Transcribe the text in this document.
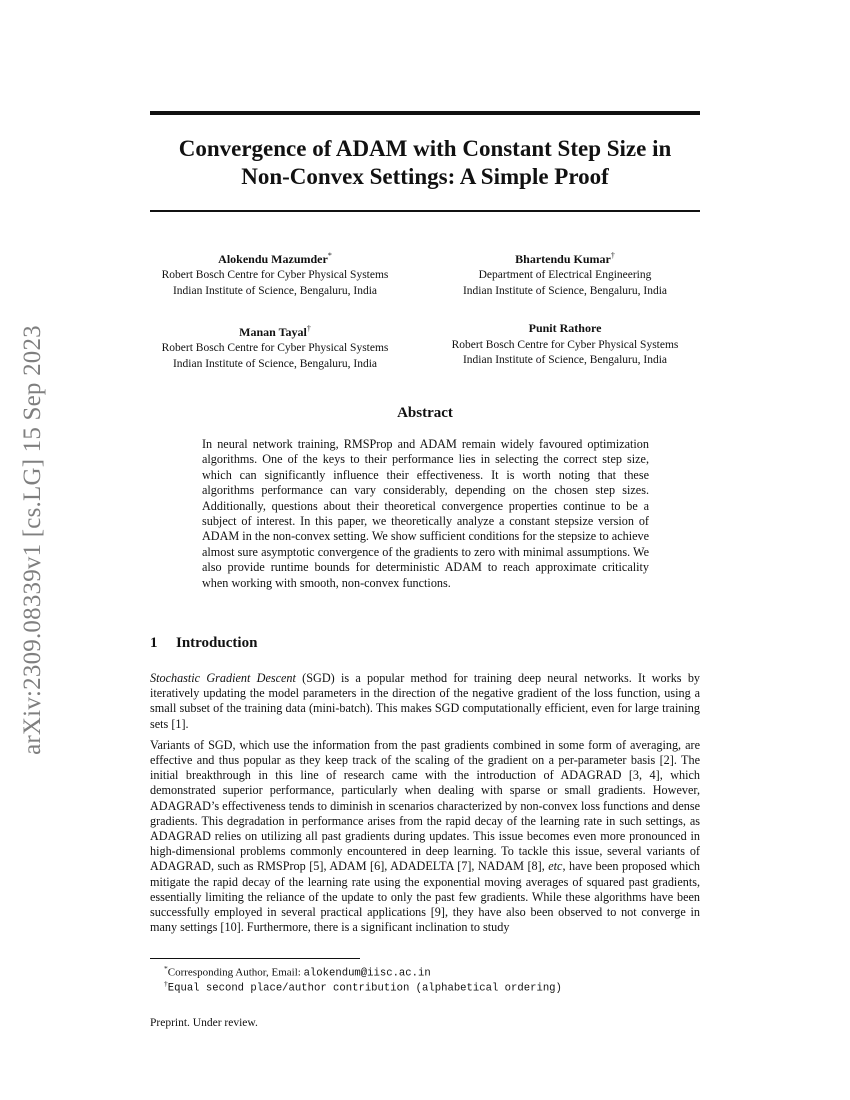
arXiv:2309.08339v1 [cs.LG] 15 Sep 2023
Convergence of ADAM with Constant Step Size in
Non-Convex Settings: A Simple Proof
Alokendu Mazumder*
Robert Bosch Centre for Cyber Physical Systems
Indian Institute of Science, Bengaluru, India
Bhartendu Kumar†
Department of Electrical Engineering
Indian Institute of Science, Bengaluru, India
Manan Tayal†
Robert Bosch Centre for Cyber Physical Systems
Indian Institute of Science, Bengaluru, India
Punit Rathore
Robert Bosch Centre for Cyber Physical Systems
Indian Institute of Science, Bengaluru, India
Abstract
In neural network training, RMSProp and ADAM remain widely favoured optimization algorithms. One of the keys to their performance lies in selecting the correct step size, which can significantly influence their effectiveness. It is worth noting that these algorithms performance can vary considerably, depending on the chosen step sizes. Additionally, questions about their theoretical convergence properties continue to be a subject of interest. In this paper, we theoretically analyze a constant stepsize version of ADAM in the non-convex setting. We show sufficient conditions for the stepsize to achieve almost sure asymptotic convergence of the gradients to zero with minimal assumptions. We also provide runtime bounds for deterministic ADAM to reach approximate criticality when working with smooth, non-convex functions.
1 Introduction

Stochastic Gradient Descent (SGD) is a popular method for training deep neural networks. It works by iteratively updating the model parameters in the direction of the negative gradient of the loss function, using a small subset of the training data (mini-batch). This makes SGD computationally efficient, even for large training sets [1].

Variants of SGD, which use the information from the past gradients combined in some form of averaging, are effective and thus popular as they keep track of the scaling of the gradient on a per-parameter basis [2]. The initial breakthrough in this line of research came with the introduction of ADAGRAD [3, 4], which demonstrated superior performance, particularly when dealing with sparse or small gradients. However, ADAGRAD’s effectiveness tends to diminish in scenarios characterized by non-convex loss functions and dense gradients. This degradation in performance arises from the rapid decay of the learning rate in such settings, as ADAGRAD relies on utilizing all past gradients during updates. This issue becomes even more pronounced in high-dimensional problems commonly encountered in deep learning. To tackle this issue, several variants of ADAGRAD, such as RMSProp [5], ADAM [6], ADADELTA [7], NADAM [8], etc, have been proposed which mitigate the rapid decay of the learning rate using the exponential moving averages of squared past gradients, essentially limiting the reliance of the update to only the past few gradients. While these algorithms have been successfully employed in several practical applications [9], they have also been observed to not converge in many settings [10]. Furthermore, there is a significant inclination to study

*Corresponding Author, Email: alokendum@iisc.ac.in
†Equal second place/author contribution (alphabetical ordering)
Preprint. Under review.
